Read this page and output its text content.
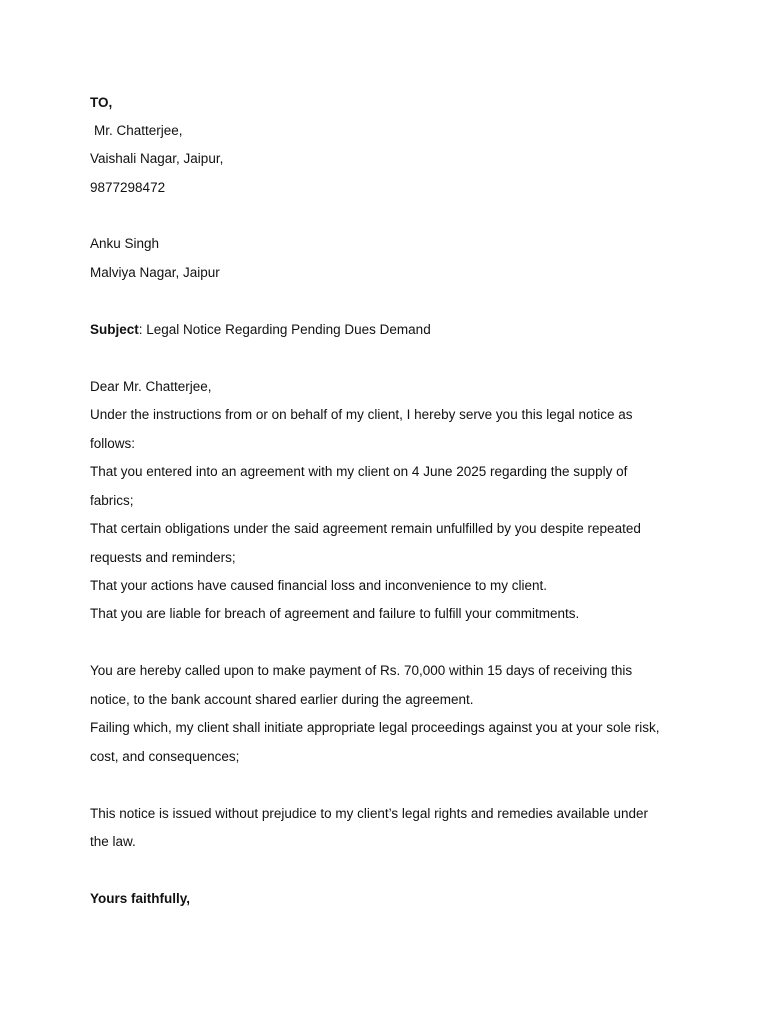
TO,
Mr. Chatterjee,
Vaishali Nagar, Jaipur,
9877298472
Anku Singh
Malviya Nagar, Jaipur
Subject: Legal Notice Regarding Pending Dues Demand
Dear Mr. Chatterjee,
Under the instructions from or on behalf of my client, I hereby serve you this legal notice as
follows:
That you entered into an agreement with my client on 4 June 2025 regarding the supply of
fabrics;
That certain obligations under the said agreement remain unfulfilled by you despite repeated
requests and reminders;
That your actions have caused financial loss and inconvenience to my client.
That you are liable for breach of agreement and failure to fulfill your commitments.
You are hereby called upon to make payment of Rs. 70,000 within 15 days of receiving this
notice, to the bank account shared earlier during the agreement.
Failing which, my client shall initiate appropriate legal proceedings against you at your sole risk,
cost, and consequences;
This notice is issued without prejudice to my client’s legal rights and remedies available under
the law.
Yours faithfully,
